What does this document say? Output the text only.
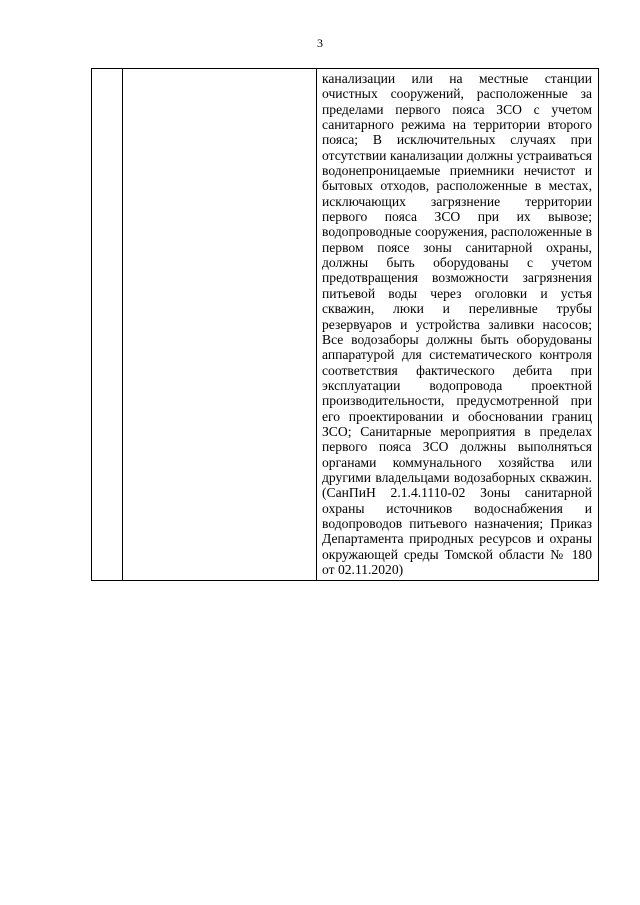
3

канализации или на местные станции очистных сооружений, расположенные за пределами первого пояса ЗСО с учетом санитарного режима на территории второго пояса; В исключительных случаях при отсутствии канализации должны устраиваться водонепроницаемые приемники нечистот и бытовых отходов, расположенные в местах, исключающих загрязнение территории первого пояса ЗСО при их вывозе; водопроводные сооружения, расположенные в первом поясе зоны санитарной охраны, должны быть оборудованы с учетом предотвращения возможности загрязнения питьевой воды через оголовки и устья скважин, люки и переливные трубы резервуаров и устройства заливки насосов; Все водозаборы должны быть оборудованы аппаратурой для систематического контроля соответствия фактического дебита при эксплуатации водопровода проектной производительности, предусмотренной при его проектировании и обосновании границ ЗСО; Санитарные мероприятия в пределах первого пояса ЗСО должны выполняться органами коммунального хозяйства или другими владельцами водозаборных скважин. (СанПиН 2.1.4.1110-02 Зоны санитарной охраны источников водоснабжения и водопроводов питьевого назначения; Приказ Департамента природных ресурсов и охраны окружающей среды Томской области № 180 от 02.11.2020)
